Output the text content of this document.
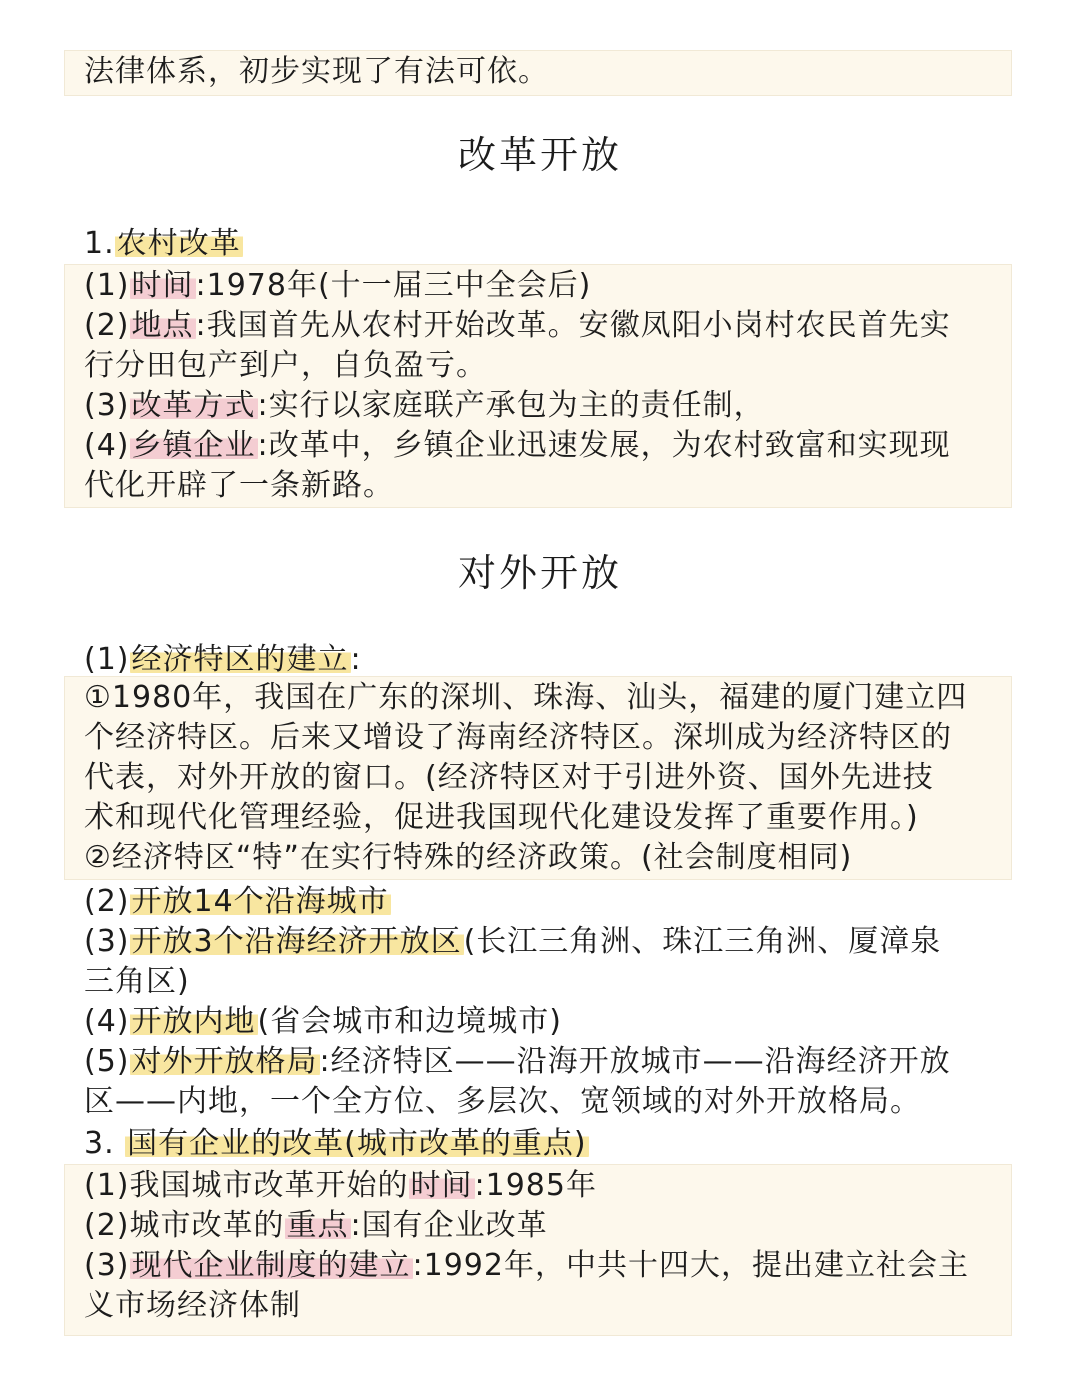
法律体系，初步实现了有法可依。
改革开放
1.农村改革
(1)时间:1978年(十一届三中全会后)
(2)地点:我国首先从农村开始改革。安徽凤阳小岗村农民首先实
行分田包产到户，自负盈亏。
(3)改革方式:实行以家庭联产承包为主的责任制，
(4)乡镇企业:改革中，乡镇企业迅速发展，为农村致富和实现现
代化开辟了一条新路。
对外开放
(1)经济特区的建立:
①1980年，我国在广东的深圳、珠海、汕头，福建的厦门建立四
个经济特区。后来又增设了海南经济特区。深圳成为经济特区的
代表，对外开放的窗口。(经济特区对于引进外资、国外先进技
术和现代化管理经验，促进我国现代化建设发挥了重要作用。)
②经济特区“特”在实行特殊的经济政策。(社会制度相同)
(2)开放14个沿海城市
(3)开放3个沿海经济开放区(长江三角洲、珠江三角洲、厦漳泉
三角区)
(4)开放内地(省会城市和边境城市)
(5)对外开放格局:经济特区——沿海开放城市——沿海经济开放
区——内地，一个全方位、多层次、宽领域的对外开放格局。
3. 国有企业的改革(城市改革的重点)
(1)我国城市改革开始的时间:1985年
(2)城市改革的重点:国有企业改革
(3)现代企业制度的建立:1992年，中共十四大，提出建立社会主
义市场经济体制
